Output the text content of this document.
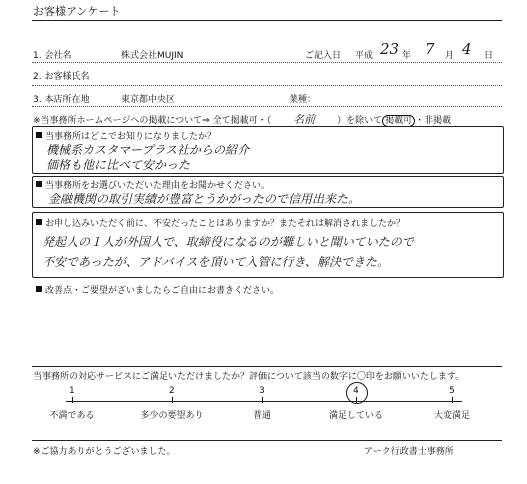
お客様アンケート
1. 会社名	株式会社MUJIN	ご記入日 平成 23 年 7 月 4 日
2. お客様氏名
3. 本店所在地	東京都中央区	業種：
※当事務所ホームページへの掲載について⇒ 全て掲載可・（ 名前 ）を除いて 掲載可 ・非掲載
当事務所はどこでお知りになりましたか？
機械系カスタマープラス社からの紹介
価格も他に比べて安かった
当事務所をお選びいただいた理由をお聞かせください。
金融機関の取引実績が豊富とうかがったので信用出来た。
お申し込みいただく前に、不安だったことはありますか？またそれは解消されましたか？
発起人の１人が外国人で、取締役になるのが難しいと聞いていたので
不安であったが、アドバイスを頂いて入管に行き、解決できた。
改善点・ご要望がざいましたらご自由にお書きください。
当事務所の対応サービスにご満足いただけましたか？評価について該当の数字に〇印をお願いいたします。
1
不満である
2
多少の要望あり
3
普通
4
満足している
5
大変満足
※ご協力ありがとうございました。	アーク行政書士事務所
